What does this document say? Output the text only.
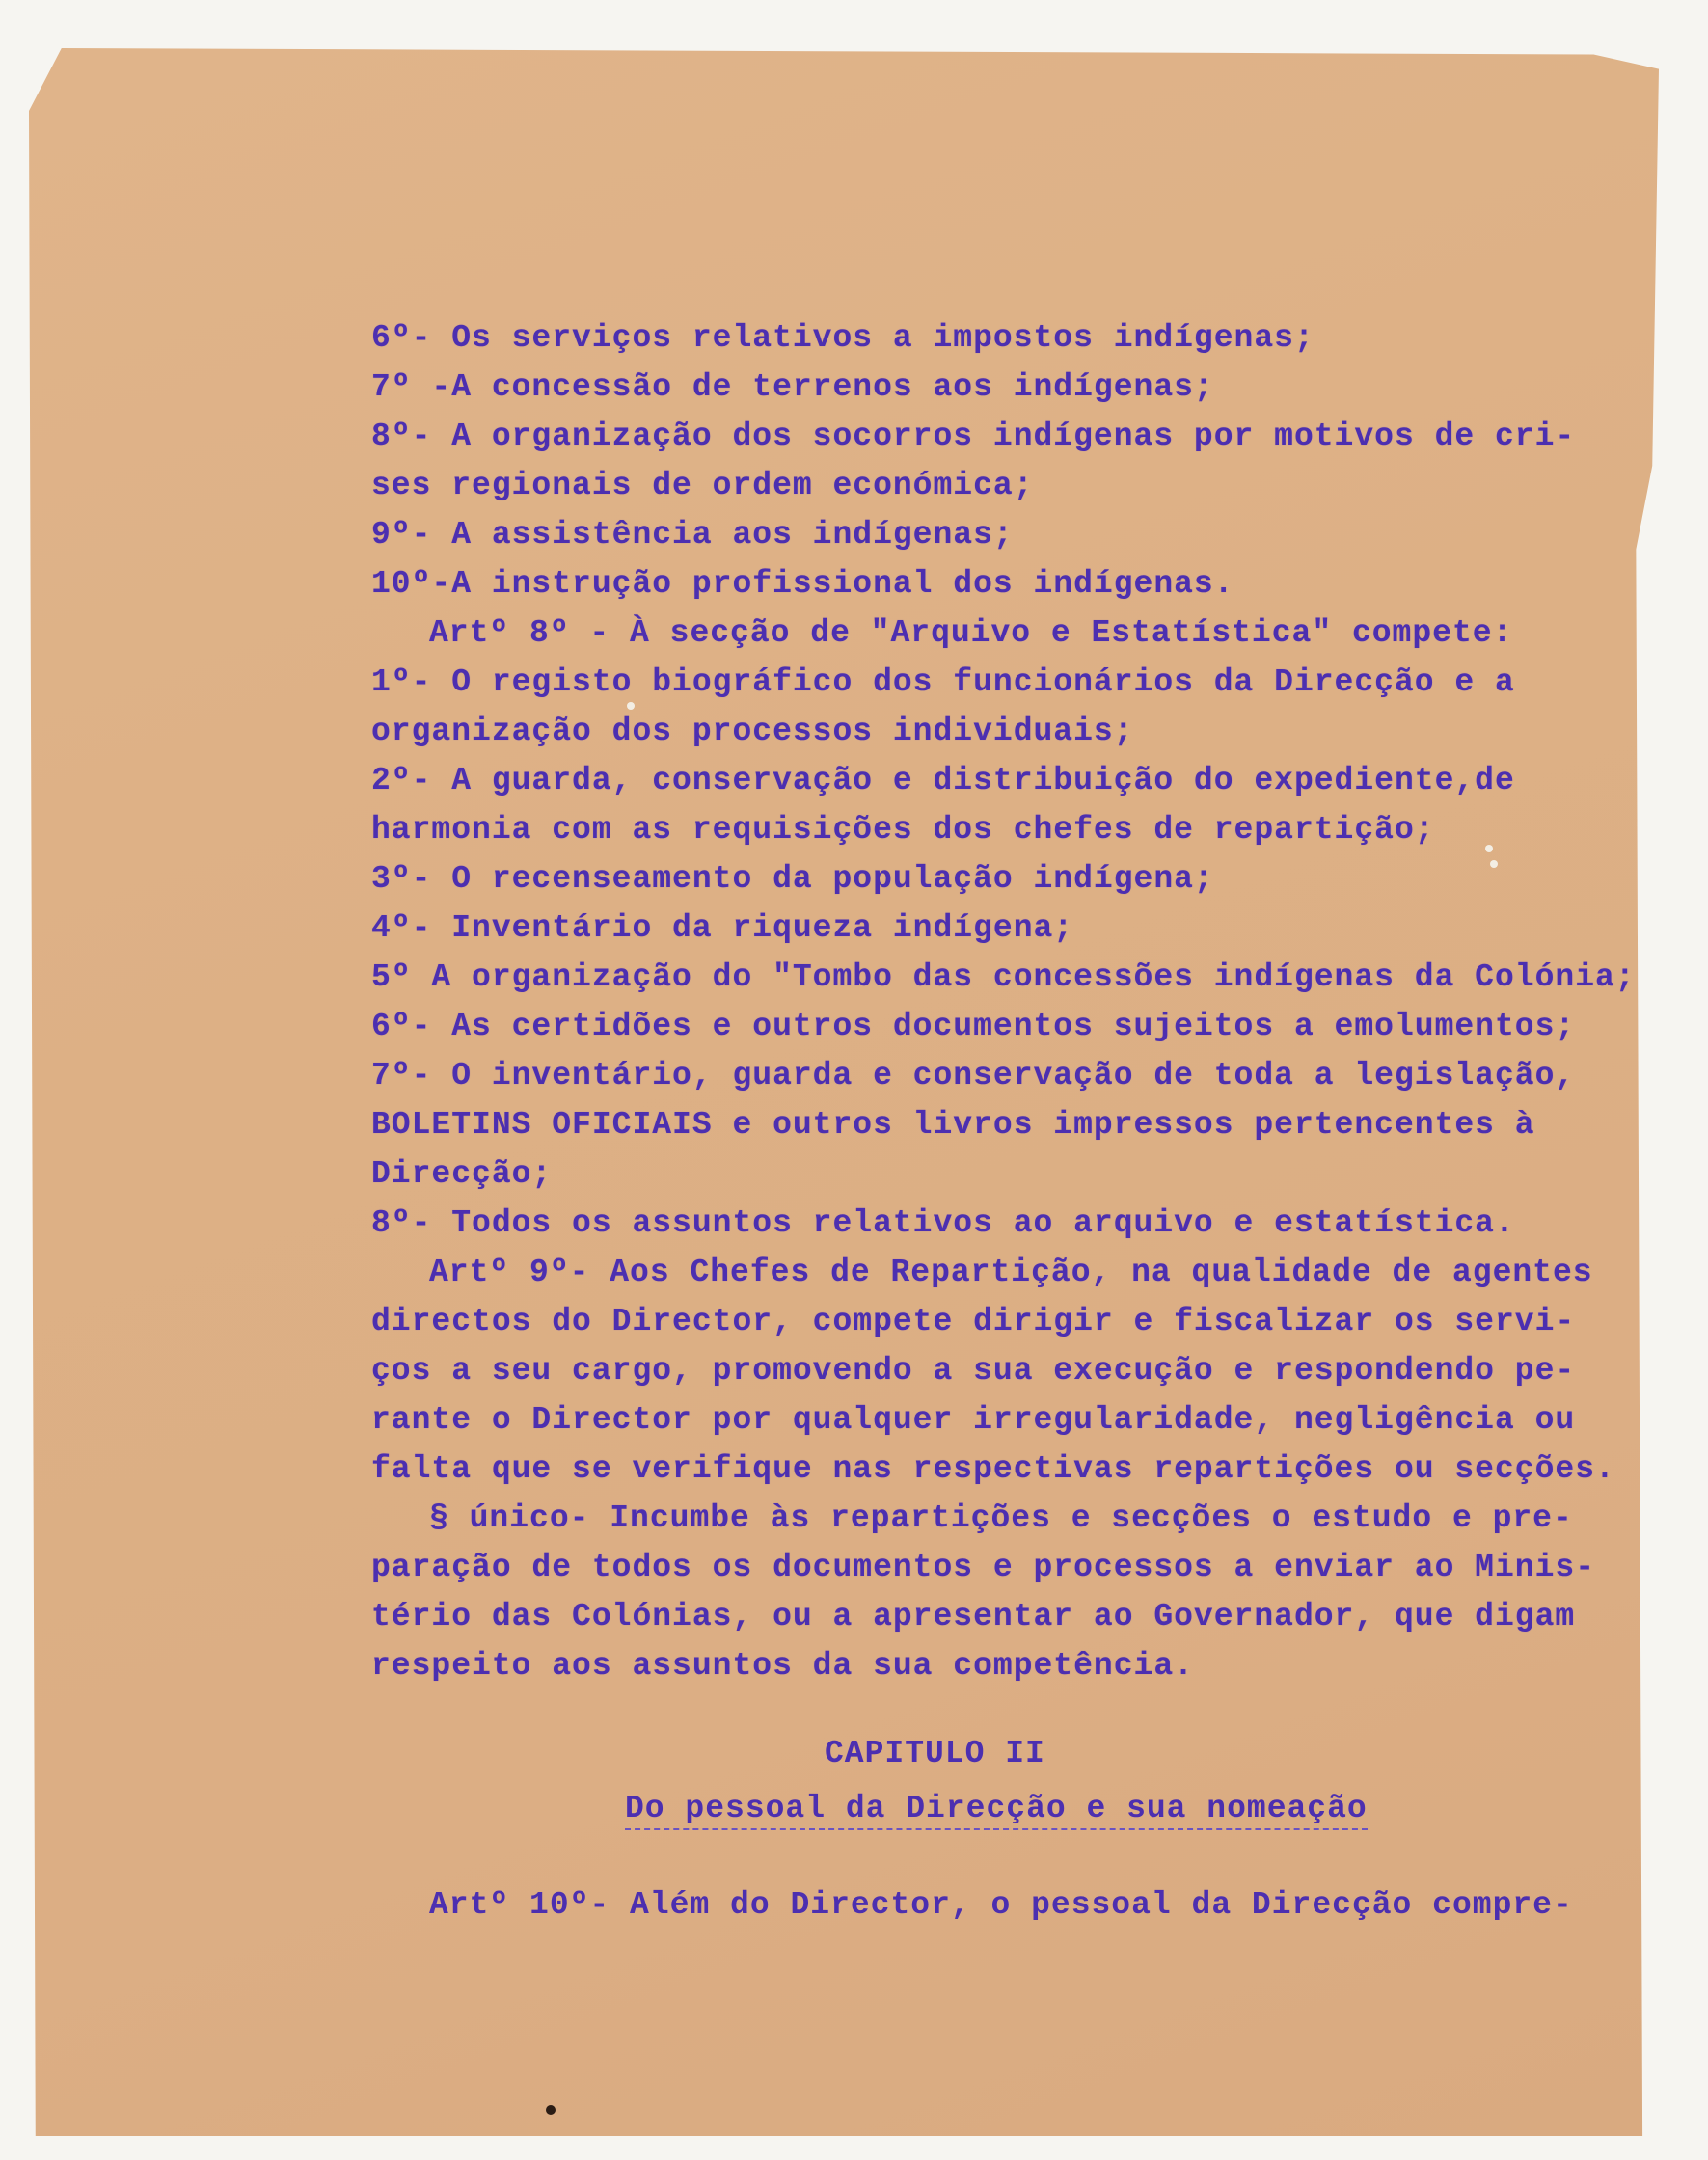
6º- Os serviços relativos a impostos indígenas;
7º -A concessão de terrenos aos indígenas;
8º- A organização dos socorros indígenas por motivos de cri-
ses regionais de ordem económica;
9º- A assistência aos indígenas;
10º-A instrução profissional dos indígenas.
Artº 8º - À secção de "Arquivo e Estatística" compete:
1º- O registo biográfico dos funcionários da Direcção e a
organização dos processos individuais;
2º- A guarda, conservação e distribuição do expediente,de
harmonia com as requisições dos chefes de repartição;
3º- O recenseamento da população indígena;
4º- Inventário da riqueza indígena;
5º A organização do "Tombo das concessões indígenas da Colónia;
6º- As certidões e outros documentos sujeitos a emolumentos;
7º- O inventário, guarda e conservação de toda a legislação,
BOLETINS OFICIAIS e outros livros impressos pertencentes à
Direcção;
8º- Todos os assuntos relativos ao arquivo e estatística.
Artº 9º- Aos Chefes de Repartição, na qualidade de agentes
directos do Director, compete dirigir e fiscalizar os servi-
ços a seu cargo, promovendo a sua execução e respondendo pe-
rante o Director por qualquer irregularidade, negligência ou
falta que se verifique nas respectivas repartições ou secções.
§ único- Incumbe às repartições e secções o estudo e pre-
paração de todos os documentos e processos a enviar ao Minis-
tério das Colónias, ou a apresentar ao Governador, que digam
respeito aos assuntos da sua competência.
CAPITULO II
Do pessoal da Direcção e sua nomeação
Artº 10º- Além do Director, o pessoal da Direcção compre-
